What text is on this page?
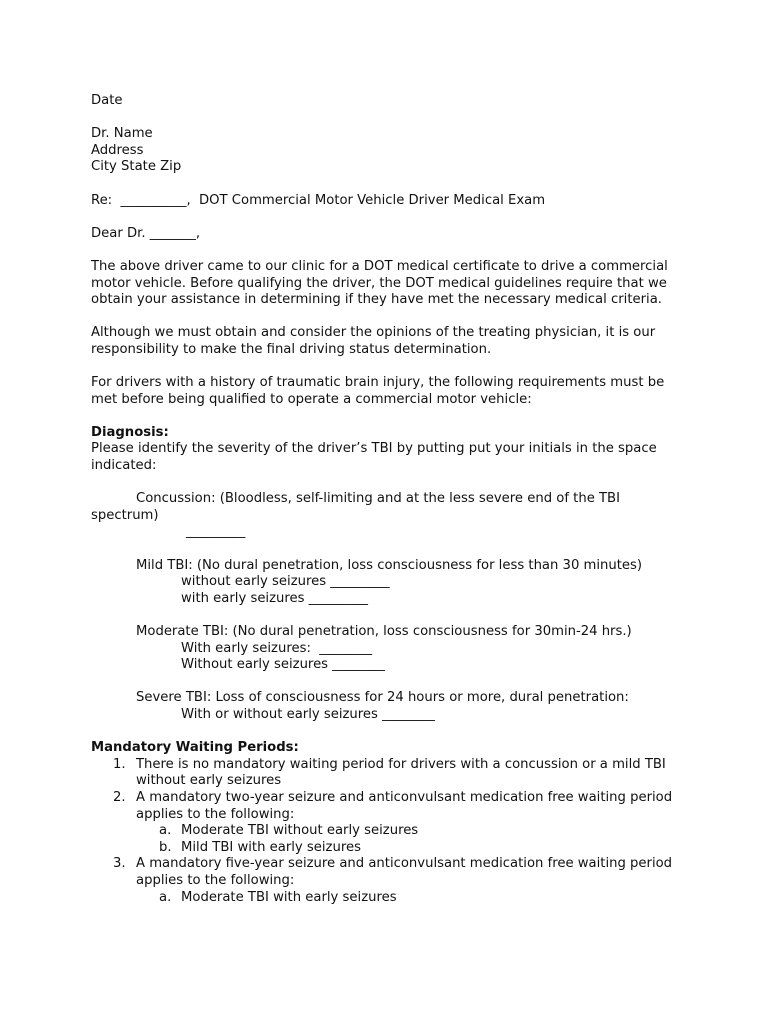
Date

Dr. Name

Address

City State Zip

Re:  __________,  DOT Commercial Motor Vehicle Driver Medical Exam

Dear Dr. _______,

The above driver came to our clinic for a DOT medical certificate to drive a commercial motor vehicle. Before qualifying the driver, the DOT medical guidelines require that we obtain your assistance in determining if they have met the necessary medical criteria.

Although we must obtain and consider the opinions of the treating physician, it is our responsibility to make the final driving status determination.

For drivers with a history of traumatic brain injury, the following requirements must be met before being qualified to operate a commercial motor vehicle:

Diagnosis:

Please identify the severity of the driver’s TBI by putting put your initials in the space indicated:

Concussion: (Bloodless, self-limiting and at the less severe end of the TBI

spectrum)

_________

Mild TBI: (No dural penetration, loss consciousness for less than 30 minutes)

without early seizures _________

with early seizures _________

Moderate TBI: (No dural penetration, loss consciousness for 30min-24 hrs.)

With early seizures:  ________

Without early seizures ________

Severe TBI: Loss of consciousness for 24 hours or more, dural penetration:

With or without early seizures ________

Mandatory Waiting Periods:

1. There is no mandatory waiting period for drivers with a concussion or a mild TBI without early seizures
2. A mandatory two-year seizure and anticonvulsant medication free waiting period applies to the following:
a. Moderate TBI without early seizures
b. Mild TBI with early seizures
3. A mandatory five-year seizure and anticonvulsant medication free waiting period applies to the following:
a. Moderate TBI with early seizures
